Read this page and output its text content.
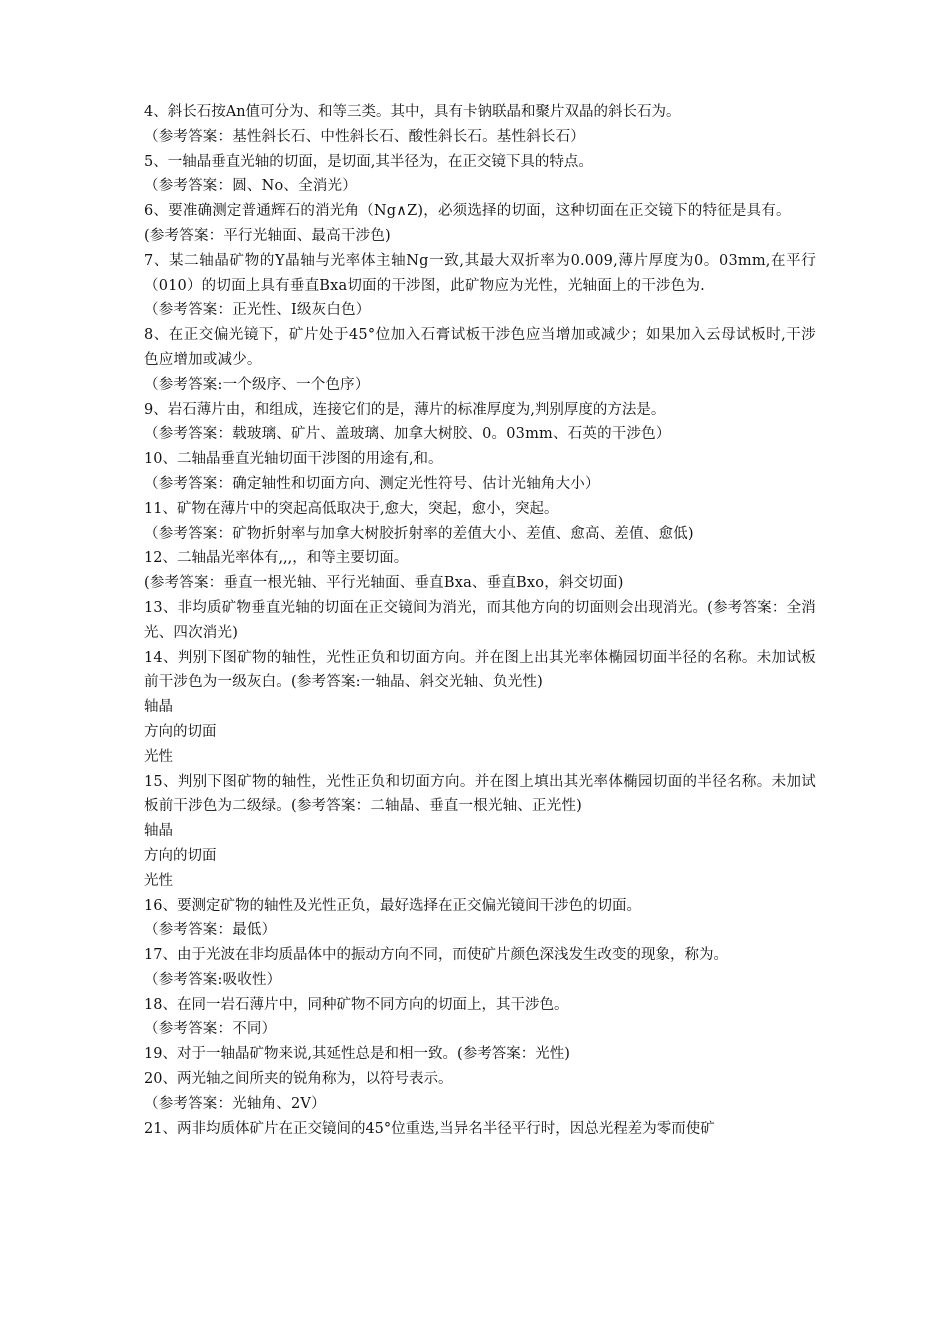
4、斜长石按An值可分为、和等三类。其中，具有卡钠联晶和聚片双晶的斜长石为。
（参考答案：基性斜长石、中性斜长石、酸性斜长石。基性斜长石）
5、一轴晶垂直光轴的切面，是切面,其半径为，在正交镜下具的特点。
（参考答案：圆、No、全消光）
6、要准确测定普通辉石的消光角（Ng∧Z)，必须选择的切面，这种切面在正交镜下的特征是具有。
(参考答案：平行光轴面、最高干涉色)
7、某二轴晶矿物的Y晶轴与光率体主轴Ng一致,其最大双折率为0.009,薄片厚度为0。03mm,在平行（010）的切面上具有垂直Bxa切面的干涉图，此矿物应为光性，光轴面上的干涉色为.
（参考答案：正光性、Ⅰ级灰白色）
8、在正交偏光镜下，矿片处于45°位加入石膏试板干涉色应当增加或减少；如果加入云母试板时,干涉色应增加或减少。
（参考答案:一个级序、一个色序）
9、岩石薄片由，和组成，连接它们的是，薄片的标准厚度为,判别厚度的方法是。
（参考答案：载玻璃、矿片、盖玻璃、加拿大树胶、0。03mm、石英的干涉色）
10、二轴晶垂直光轴切面干涉图的用途有,和。
（参考答案：确定轴性和切面方向、测定光性符号、估计光轴角大小）
11、矿物在薄片中的突起高低取决于,愈大，突起，愈小，突起。
（参考答案：矿物折射率与加拿大树胶折射率的差值大小、差值、愈高、差值、愈低)
12、二轴晶光率体有,,,，和等主要切面。
(参考答案：垂直一根光轴、平行光轴面、垂直Bxa、垂直Bxo，斜交切面)
13、非均质矿物垂直光轴的切面在正交镜间为消光，而其他方向的切面则会出现消光。(参考答案：全消光、四次消光)
14、判别下图矿物的轴性，光性正负和切面方向。并在图上出其光率体椭园切面半径的名称。未加试板前干涉色为一级灰白。(参考答案:一轴晶、斜交光轴、负光性)
轴晶
方向的切面
光性
15、判别下图矿物的轴性，光性正负和切面方向。并在图上填出其光率体椭园切面的半径名称。未加试板前干涉色为二级绿。(参考答案：二轴晶、垂直一根光轴、正光性)
轴晶
方向的切面
光性
16、要测定矿物的轴性及光性正负，最好选择在正交偏光镜间干涉色的切面。
（参考答案：最低）
17、由于光波在非均质晶体中的振动方向不同，而使矿片颜色深浅发生改变的现象，称为。
（参考答案:吸收性）
18、在同一岩石薄片中，同种矿物不同方向的切面上，其干涉色。
（参考答案：不同）
19、对于一轴晶矿物来说,其延性总是和相一致。(参考答案：光性)
20、两光轴之间所夹的锐角称为，以符号表示。
（参考答案：光轴角、2V）
21、两非均质体矿片在正交镜间的45°位重迭,当异名半径平行时，因总光程差为零而使矿
